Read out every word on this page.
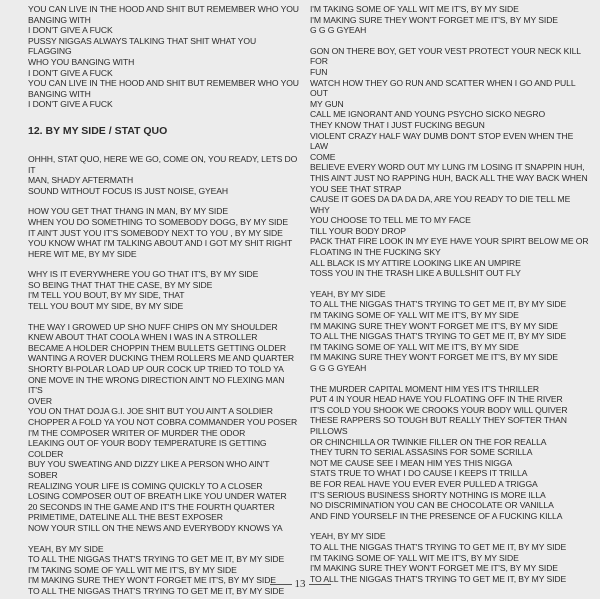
YOU CAN LIVE IN THE HOOD AND SHIT BUT REMEMBER WHO YOU
BANGING WITH
I DON'T GIVE A FUCK
PUSSY NIGGAS ALWAYS TALKING THAT SHIT WHAT YOU FLAGGING
WHO YOU BANGING WITH
I DON'T GIVE A FUCK
YOU CAN LIVE IN THE HOOD AND SHIT BUT REMEMBER WHO YOU
BANGING WITH
I DON'T GIVE A FUCK
12. BY MY SIDE / STAT QUO
OHHH, STAT QUO, HERE WE GO, COME ON, YOU READY, LETS DO IT
MAN, SHADY AFTERMATH
SOUND WITHOUT FOCUS IS JUST NOISE, GYEAH
HOW YOU GET THAT THANG IN MAN, BY MY SIDE
WHEN YOU DO SOMETHING TO SOMEBODY DOGG, BY MY SIDE
IT AIN'T JUST YOU IT'S SOMEBODY NEXT TO YOU , BY MY SIDE
YOU KNOW WHAT I'M TALKING ABOUT AND I GOT MY SHIT RIGHT
HERE WIT ME, BY MY SIDE
WHY IS IT EVERYWHERE YOU GO THAT IT'S, BY MY SIDE
SO BEING THAT THAT THE CASE, BY MY SIDE
I'M TELL YOU BOUT, BY MY SIDE, THAT
TELL YOU BOUT MY SIDE, BY MY SIDE
THE WAY I GROWED UP SHO NUFF CHIPS ON MY SHOULDER
KNEW ABOUT THAT COOLA WHEN I WAS IN A STROLLER
BECAME A HOLDER CHOPPIN THEM BULLETS GETTING OLDER
WANTING A ROVER DUCKING THEM ROLLERS ME AND QUARTER
SHORTY BI-POLAR LOAD UP OUR COCK UP TRIED TO TOLD YA
ONE MOVE IN THE WRONG DIRECTION AIN'T NO FLEXING MAN IT'S
OVER
YOU ON THAT DOJA G.I. JOE SHIT BUT YOU AIN'T A SOLDIER
CHOPPER A FOLD YA YOU NOT COBRA COMMANDER YOU POSER
I'M THE COMPOSER WRITER OF MURDER THE ODOR
LEAKING OUT OF YOUR BODY TEMPERATURE IS GETTING COLDER
BUY YOU SWEATING AND DIZZY LIKE A PERSON WHO AIN'T SOBER
REALIZING YOUR LIFE IS COMING QUICKLY TO A CLOSER
LOSING COMPOSER OUT OF BREATH LIKE YOU UNDER WATER
20 SECONDS IN THE GAME AND IT'S THE FOURTH QUARTER
PRIMETIME, DATELINE ALL THE BEST EXPOSER
NOW YOUR STILL ON THE NEWS AND EVERYBODY KNOWS YA
YEAH, BY MY SIDE
TO ALL THE NIGGAS THAT'S TRYING TO GET ME IT, BY MY SIDE
I'M TAKING SOME OF YALL WIT ME IT'S, BY MY SIDE
I'M MAKING SURE THEY WON'T FORGET ME IT'S, BY MY SIDE
TO ALL THE NIGGAS THAT'S TRYING TO GET ME IT, BY MY SIDE
I'M TAKING SOME OF YALL WIT ME IT'S, BY MY SIDE
I'M MAKING SURE THEY WON'T FORGET ME IT'S, BY MY SIDE
G G G GYEAH
GON ON THERE BOY, GET YOUR VEST PROTECT YOUR NECK KILL FOR
FUN
WATCH HOW THEY GO RUN AND SCATTER WHEN I GO AND PULL OUT
MY GUN
CALL ME IGNORANT AND YOUNG PSYCHO SICKO NEGRO
THEY KNOW THAT I JUST FUCKING BEGUN
VIOLENT CRAZY HALF WAY DUMB DON'T STOP EVEN WHEN THE LAW
COME
BELIEVE EVERY WORD OUT MY LUNG I'M LOSING IT SNAPPIN HUH,
THIS AIN'T JUST NO RAPPING HUH, BACK ALL THE WAY BACK WHEN
YOU SEE THAT STRAP
CAUSE IT GOES DA DA DA DA, ARE YOU READY TO DIE TELL ME WHY
YOU CHOOSE TO TELL ME TO MY FACE
TILL YOUR BODY DROP
PACK THAT FIRE LOOK IN MY EYE HAVE YOUR SPIRT BELOW ME OR
FLOATING IN THE FUCKING SKY
ALL BLACK IS MY ATTIRE LOOKING LIKE AN UMPIRE
TOSS YOU IN THE TRASH LIKE A BULLSHIT OUT FLY
YEAH, BY MY SIDE
TO ALL THE NIGGAS THAT'S TRYING TO GET ME IT, BY MY SIDE
I'M TAKING SOME OF YALL WIT ME IT'S, BY MY SIDE
I'M MAKING SURE THEY WON'T FORGET ME IT'S, BY MY SIDE
TO ALL THE NIGGAS THAT'S TRYING TO GET ME IT, BY MY SIDE
I'M TAKING SOME OF YALL WIT ME IT'S, BY MY SIDE
I'M MAKING SURE THEY WON'T FORGET ME IT'S, BY MY SIDE
G G G GYEAH
THE MURDER CAPITAL MOMENT HIM YES IT'S THRILLER
PUT 4 IN YOUR HEAD HAVE YOU FLOATING OFF IN THE RIVER
IT'S COLD YOU SHOOK WE CROOKS YOUR BODY WILL QUIVER
THESE RAPPERS SO TOUGH BUT REALLY THEY SOFTER THAN
PILLOWS
OR CHINCHILLA OR TWINKIE FILLER ON THE FOR REALLA
THEY TURN TO SERIAL ASSASINS FOR SOME SCRILLA
NOT ME CAUSE SEE I MEAN HIM YES THIS NIGGA
STATS TRUE TO WHAT I DO CAUSE I KEEPS IT TRILLA
BE FOR REAL HAVE YOU EVER EVER PULLED A TRIGGA
IT'S SERIOUS BUSINESS SHORTY NOTHING IS MORE ILLA
NO DISCRIMINATION YOU CAN BE CHOCOLATE OR VANILLA
AND FIND YOURSELF IN THE PRESENCE OF A FUCKING KILLA
YEAH, BY MY SIDE
TO ALL THE NIGGAS THAT'S TRYING TO GET ME IT, BY MY SIDE
I'M TAKING SOME OF YALL WIT ME IT'S, BY MY SIDE
I'M MAKING SURE THEY WON'T FORGET ME IT'S, BY MY SIDE
TO ALL THE NIGGAS THAT'S TRYING TO GET ME IT, BY MY SIDE
13
